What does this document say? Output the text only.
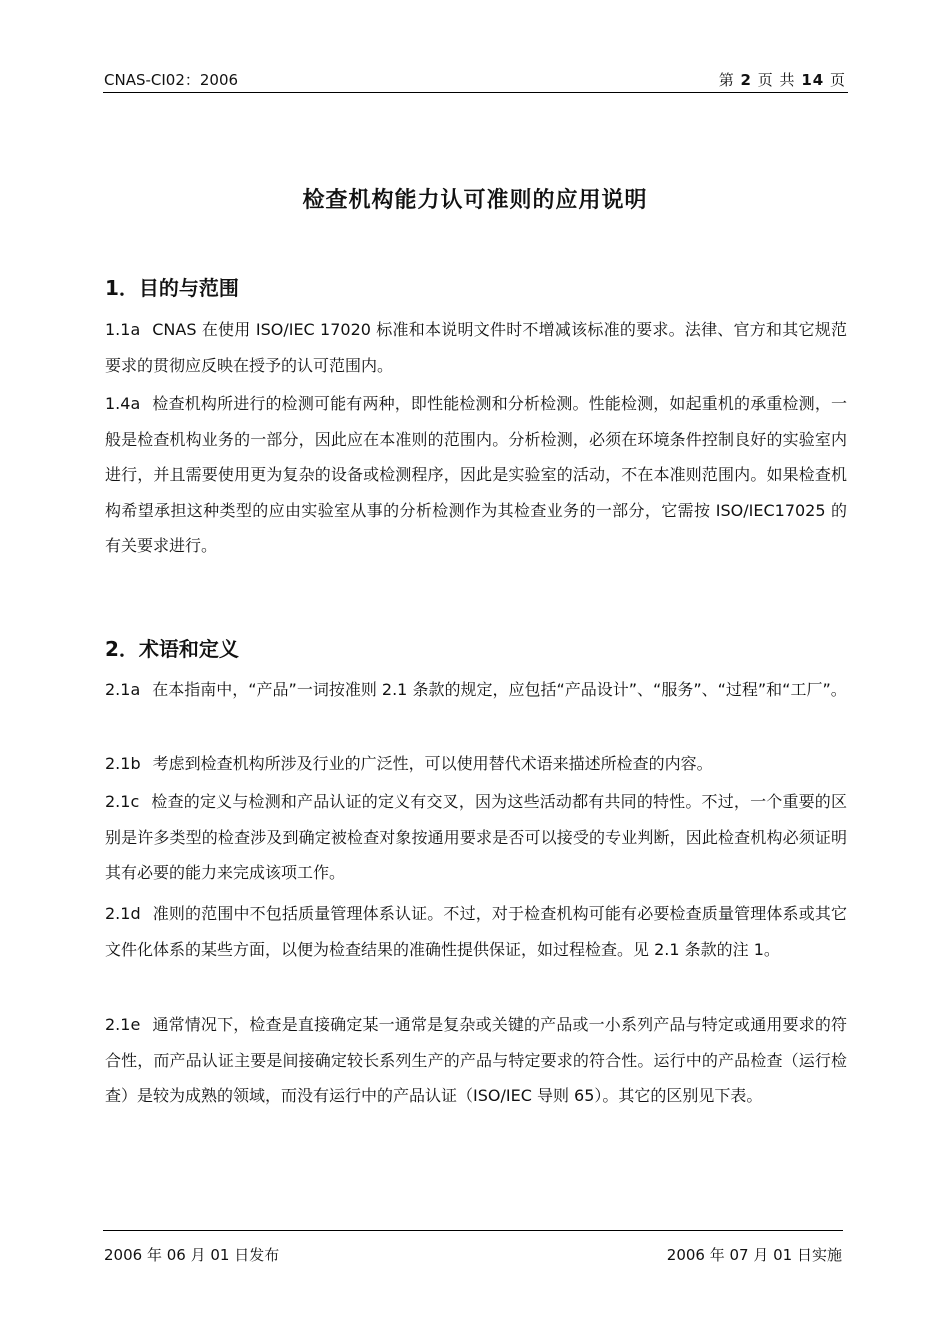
CNAS-CI02：2006	第 2 页 共 14 页
检查机构能力认可准则的应用说明
1．目的与范围

1.1a CNAS 在使用 ISO/IEC 17020 标准和本说明文件时不增减该标准的要求。法律、官方和其它规范要求的贯彻应反映在授予的认可范围内。

1.4a 检查机构所进行的检测可能有两种，即性能检测和分析检测。性能检测，如起重机的承重检测，一般是检查机构业务的一部分，因此应在本准则的范围内。分析检测，必须在环境条件控制良好的实验室内进行，并且需要使用更为复杂的设备或检测程序，因此是实验室的活动，不在本准则范围内。如果检查机构希望承担这种类型的应由实验室从事的分析检测作为其检查业务的一部分，它需按 ISO/IEC17025 的有关要求进行。

2．术语和定义

2.1a 在本指南中，“产品”一词按准则 2.1 条款的规定，应包括“产品设计”、“服务”、“过程”和“工厂”。

2.1b 考虑到检查机构所涉及行业的广泛性，可以使用替代术语来描述所检查的内容。

2.1c 检查的定义与检测和产品认证的定义有交叉，因为这些活动都有共同的特性。不过，一个重要的区别是许多类型的检查涉及到确定被检查对象按通用要求是否可以接受的专业判断，因此检查机构必须证明其有必要的能力来完成该项工作。

2.1d 准则的范围中不包括质量管理体系认证。不过，对于检查机构可能有必要检查质量管理体系或其它文件化体系的某些方面，以便为检查结果的准确性提供保证，如过程检查。见 2.1 条款的注 1。

2.1e 通常情况下，检查是直接确定某一通常是复杂或关键的产品或一小系列产品与特定或通用要求的符合性，而产品认证主要是间接确定较长系列生产的产品与特定要求的符合性。运行中的产品检查（运行检查）是较为成熟的领域，而没有运行中的产品认证（ISO/IEC 导则 65）。其它的区别见下表。

2006 年 06 月 01 日发布	2006 年 07 月 01 日实施
